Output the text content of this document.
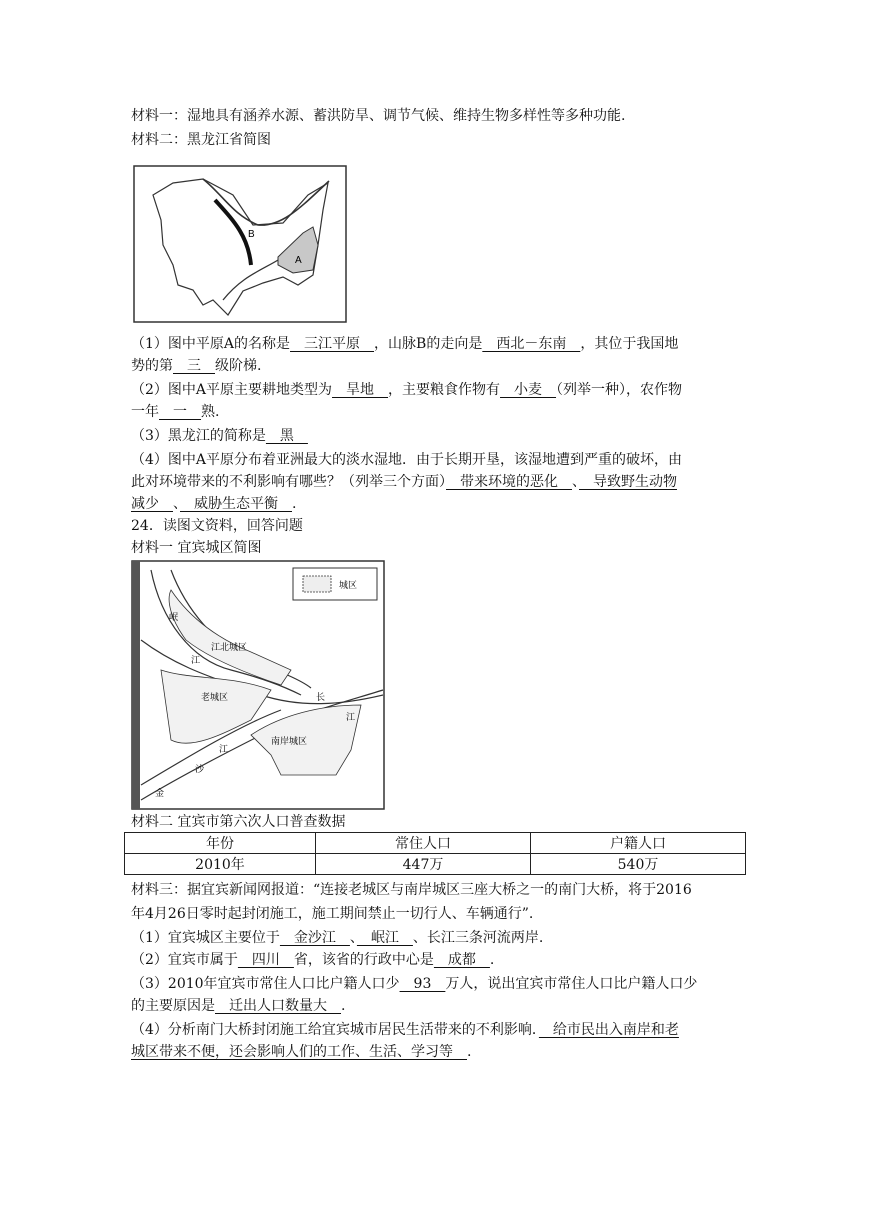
材料一：湿地具有涵养水源、蓄洪防旱、调节气候、维持生物多样性等多种功能.
材料二：黑龙江省简图
B
A
（1）图中平原A的名称是　三江平原　，山脉B的走向是　西北－东南　，其位于我国地
势的第　三　级阶梯.
（2）图中A平原主要耕地类型为　旱地　，主要粮食作物有　小麦　（列举一种），农作物
一年　一　熟.
（3）黑龙江的简称是　黑　
（4）图中A平原分布着亚洲最大的淡水湿地．由于长期开垦，该湿地遭到严重的破坏，由
此对环境带来的不利影响有哪些？（列举三个方面）　带来环境的恶化　、　导致野生动物
减少　、　威胁生态平衡　.
24．读图文资料，回答问题
材料一 宜宾城区简图
城区
江北城区
老城区
南岸城区
岷
江
长
江
江
沙
金
材料二 宜宾市第六次人口普查数据
年份	常住人口	户籍人口
2010年	447万	540万
材料三：据宜宾新闻网报道：“连接老城区与南岸城区三座大桥之一的南门大桥，将于2016
年4月26日零时起封闭施工，施工期间禁止一切行人、车辆通行”.
（1）宜宾城区主要位于　金沙江　、　岷江　、长江三条河流两岸.
（2）宜宾市属于　四川　省，该省的行政中心是　成都　.
（3）2010年宜宾市常住人口比户籍人口少　93　万人，说出宜宾市常住人口比户籍人口少
的主要原因是　迁出人口数量大　.
（4）分析南门大桥封闭施工给宜宾城市居民生活带来的不利影响．　给市民出入南岸和老
城区带来不便，还会影响人们的工作、生活、学习等　.
